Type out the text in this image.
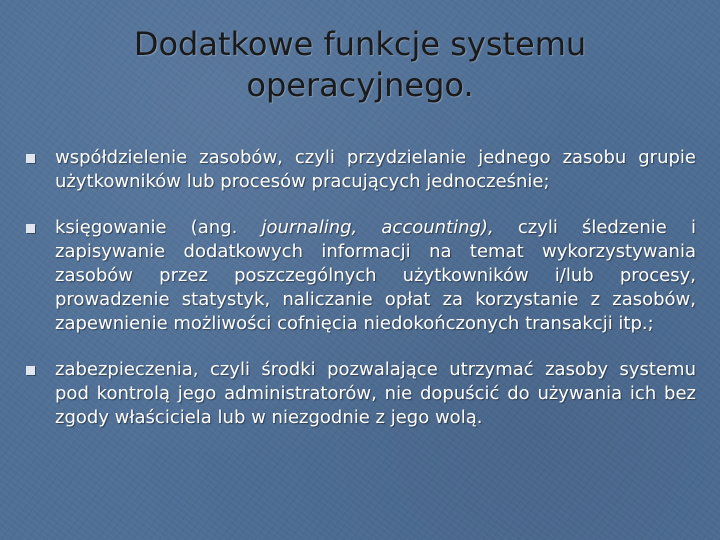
Dodatkowe funkcje systemu operacyjnego.
współdzielenie zasobów, czyli przydzielanie jednego zasobu grupie użytkowników lub procesów pracujących jednocześnie;
księgowanie (ang. journaling, accounting), czyli śledzenie i zapisywanie dodatkowych informacji na temat wykorzystywania zasobów przez poszczególnych użytkowników i/lub procesy, prowadzenie statystyk, naliczanie opłat za korzystanie z zasobów, zapewnienie możliwości cofnięcia niedokończonych transakcji itp.;
zabezpieczenia, czyli środki pozwalające utrzymać zasoby systemu pod kontrolą jego administratorów, nie dopuścić do używania ich bez zgody właściciela lub w niezgodnie z jego wolą.
